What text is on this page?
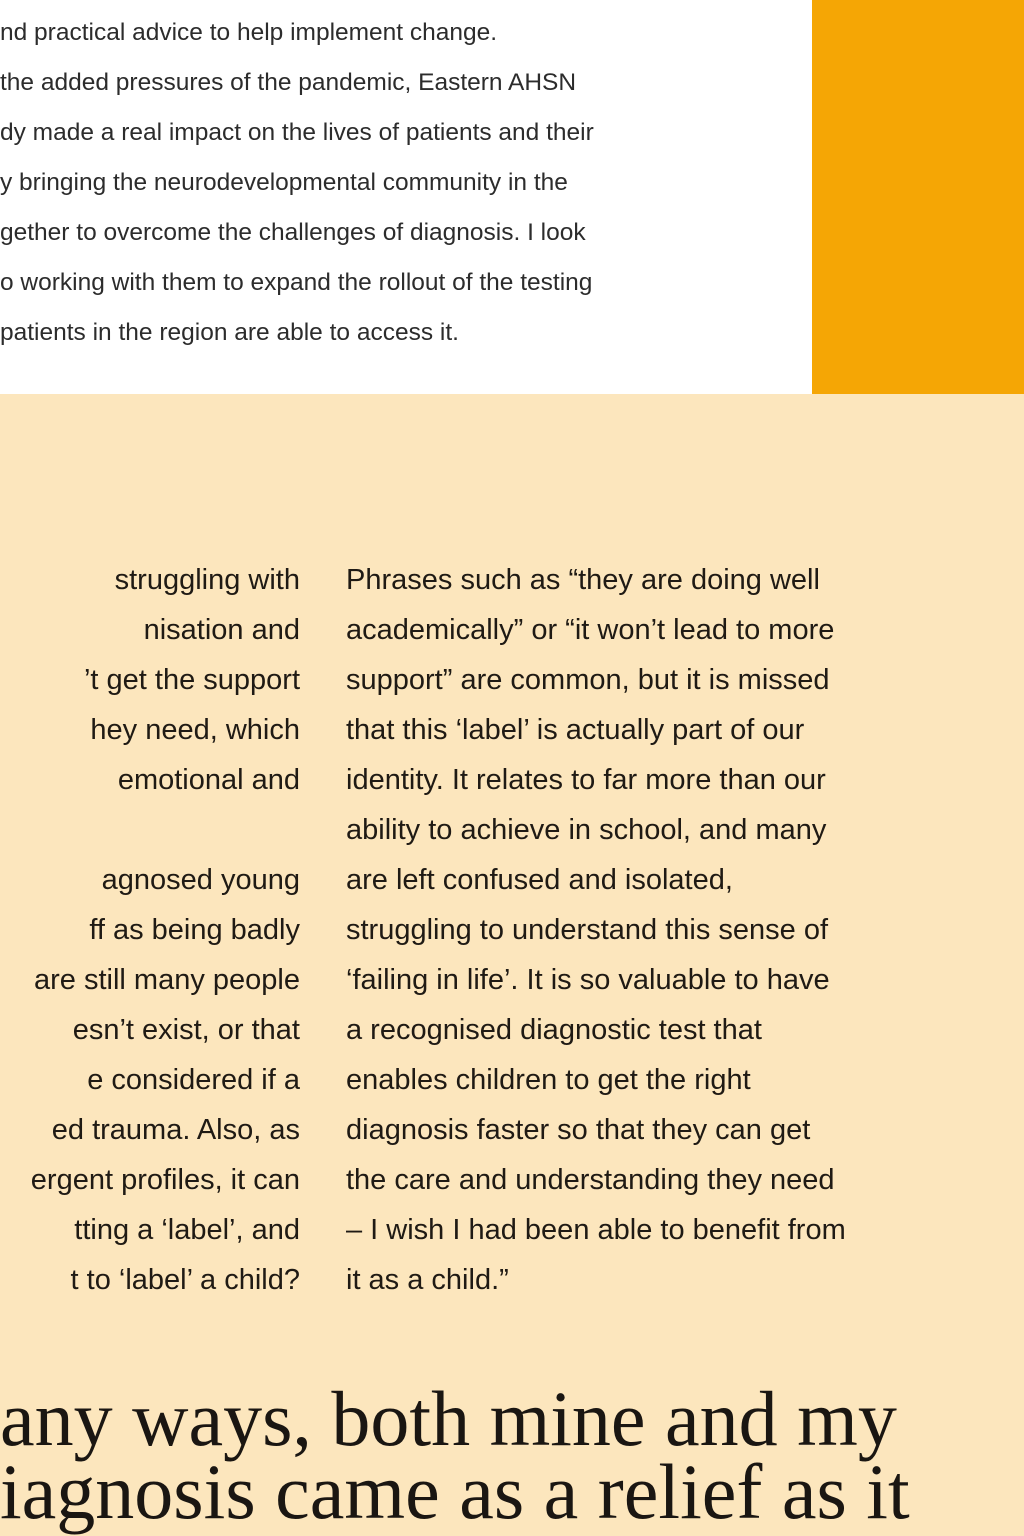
nd practical advice to help implement change.
the added pressures of the pandemic, Eastern AHSN
dy made a real impact on the lives of patients and their
y bringing the neurodevelopmental community in the
gether to overcome the challenges of diagnosis. I look
o working with them to expand the rollout of the testing
patients in the region are able to access it.
struggling with
nisation and
’t get the support
hey need, which
emotional and
agnosed young
ff as being badly
are still many people
esn’t exist, or that
e considered if a
ed trauma. Also, as
ergent profiles, it can
tting a ‘label’, and
t to ‘label’ a child?
Phrases such as “they are doing well
academically” or “it won’t lead to more
support” are common, but it is missed
that this ‘label’ is actually part of our
identity. It relates to far more than our
ability to achieve in school, and many
are left confused and isolated,
struggling to understand this sense of
‘failing in life’. It is so valuable to have
a recognised diagnostic test that
enables children to get the right
diagnosis faster so that they can get
the care and understanding they need
– I wish I had been able to benefit from
it as a child.”
any ways, both mine and my
iagnosis came as a relief as it
